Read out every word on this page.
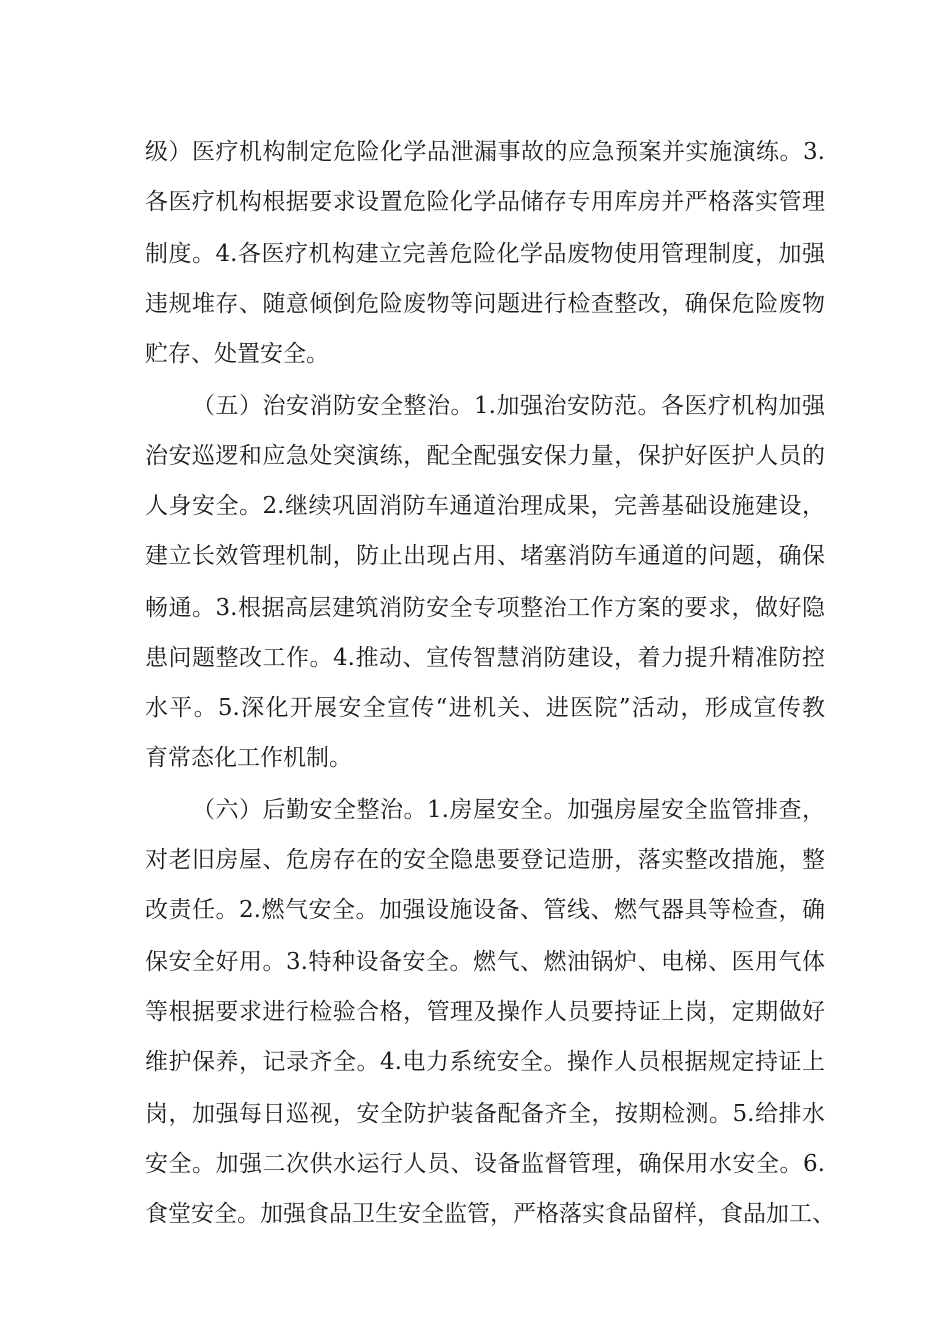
级）医疗机构制定危险化学品泄漏事故的应急预案并实施演练。3.
各医疗机构根据要求设置危险化学品储存专用库房并严格落实管理
制度。4.各医疗机构建立完善危险化学品废物使用管理制度，加强
违规堆存、随意倾倒危险废物等问题进行检查整改，确保危险废物
贮存、处置安全。
（五）治安消防安全整治。1.加强治安防范。各医疗机构加强
治安巡逻和应急处突演练，配全配强安保力量，保护好医护人员的
人身安全。2.继续巩固消防车通道治理成果，完善基础设施建设，
建立长效管理机制，防止出现占用、堵塞消防车通道的问题，确保
畅通。3.根据高层建筑消防安全专项整治工作方案的要求，做好隐
患问题整改工作。4.推动、宣传智慧消防建设，着力提升精准防控
水平。5.深化开展安全宣传“进机关、进医院”活动，形成宣传教
育常态化工作机制。
（六）后勤安全整治。1.房屋安全。加强房屋安全监管排查，
对老旧房屋、危房存在的安全隐患要登记造册，落实整改措施，整
改责任。2.燃气安全。加强设施设备、管线、燃气器具等检查，确
保安全好用。3.特种设备安全。燃气、燃油锅炉、电梯、医用气体
等根据要求进行检验合格，管理及操作人员要持证上岗，定期做好
维护保养，记录齐全。4.电力系统安全。操作人员根据规定持证上
岗，加强每日巡视，安全防护装备配备齐全，按期检测。5.给排水
安全。加强二次供水运行人员、设备监督管理，确保用水安全。6.
食堂安全。加强食品卫生安全监管，严格落实食品留样，食品加工、
